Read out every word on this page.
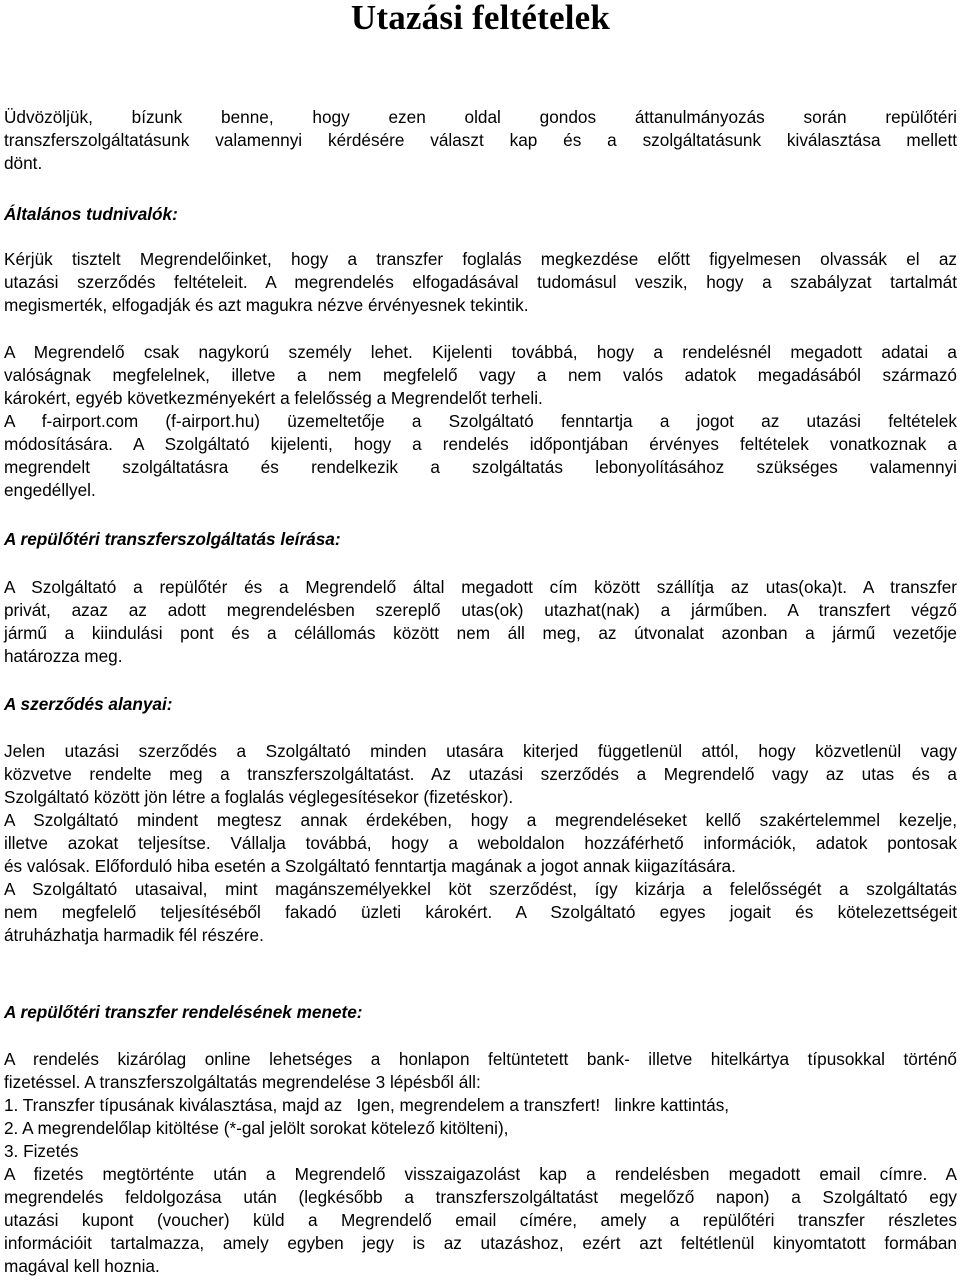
Utazási feltételek
Üdvözöljük, bízunk benne, hogy ezen oldal gondos áttanulmányozás során repülőtéri
transzferszolgáltatásunk valamennyi kérdésére választ kap és a szolgáltatásunk kiválasztása mellett
dönt.
Általános tudnivalók:
Kérjük tisztelt Megrendelőinket, hogy a transzfer foglalás megkezdése előtt figyelmesen olvassák el az
utazási szerződés feltételeit. A megrendelés elfogadásával tudomásul veszik, hogy a szabályzat tartalmát
megismerték, elfogadják és azt magukra nézve érvényesnek tekintik.
A Megrendelő csak nagykorú személy lehet. Kijelenti továbbá, hogy a rendelésnél megadott adatai a
valóságnak megfelelnek, illetve a nem megfelelő vagy a nem valós adatok megadásából származó
károkért, egyéb következményekért a felelősség a Megrendelőt terheli.
A f-airport.com (f-airport.hu) üzemeltetője a Szolgáltató fenntartja a jogot az utazási feltételek
módosítására. A Szolgáltató kijelenti, hogy a rendelés időpontjában érvényes feltételek vonatkoznak a
megrendelt szolgáltatásra és rendelkezik a szolgáltatás lebonyolításához szükséges valamennyi
engedéllyel.
A repülőtéri transzferszolgáltatás leírása:
A Szolgáltató a repülőtér és a Megrendelő által megadott cím között szállítja az utas(oka)t. A transzfer
privát, azaz az adott megrendelésben szereplő utas(ok) utazhat(nak) a járműben. A transzfert végző
jármű a kiindulási pont és a célállomás között nem áll meg, az útvonalat azonban a jármű vezetője
határozza meg.
A szerződés alanyai:
Jelen utazási szerződés a Szolgáltató minden utasára kiterjed függetlenül attól, hogy közvetlenül vagy
közvetve rendelte meg a transzferszolgáltatást. Az utazási szerződés a Megrendelő vagy az utas és a
Szolgáltató között jön létre a foglalás véglegesítésekor (fizetéskor).
A Szolgáltató mindent megtesz annak érdekében, hogy a megrendeléseket kellő szakértelemmel kezelje,
illetve azokat teljesítse. Vállalja továbbá, hogy a weboldalon hozzáférhető információk, adatok pontosak
és valósak. Előforduló hiba esetén a Szolgáltató fenntartja magának a jogot annak kiigazítására.
A Szolgáltató utasaival, mint magánszemélyekkel köt szerződést, így kizárja a felelősségét a szolgáltatás
nem megfelelő teljesítéséből fakadó üzleti károkért. A Szolgáltató egyes jogait és kötelezettségeit
átruházhatja harmadik fél részére.
A repülőtéri transzfer rendelésének menete:
A rendelés kizárólag online lehetséges a honlapon feltüntetett bank- illetve hitelkártya típusokkal történő
fizetéssel. A transzferszolgáltatás megrendelése 3 lépésből áll:
1. Transzfer típusának kiválasztása, majd az   Igen, megrendelem a transzfert!   linkre kattintás,
2. A megrendelőlap kitöltése (*-gal jelölt sorokat kötelező kitölteni),
3. Fizetés
A fizetés megtörténte után a Megrendelő visszaigazolást kap a rendelésben megadott email címre. A
megrendelés feldolgozása után (legkésőbb a transzferszolgáltatást megelőző napon) a Szolgáltató egy
utazási kupont (voucher) küld a Megrendelő email címére, amely a repülőtéri transzfer részletes
információit tartalmazza, amely egyben jegy is az utazáshoz, ezért azt feltétlenül kinyomtatott formában
magával kell hoznia.
